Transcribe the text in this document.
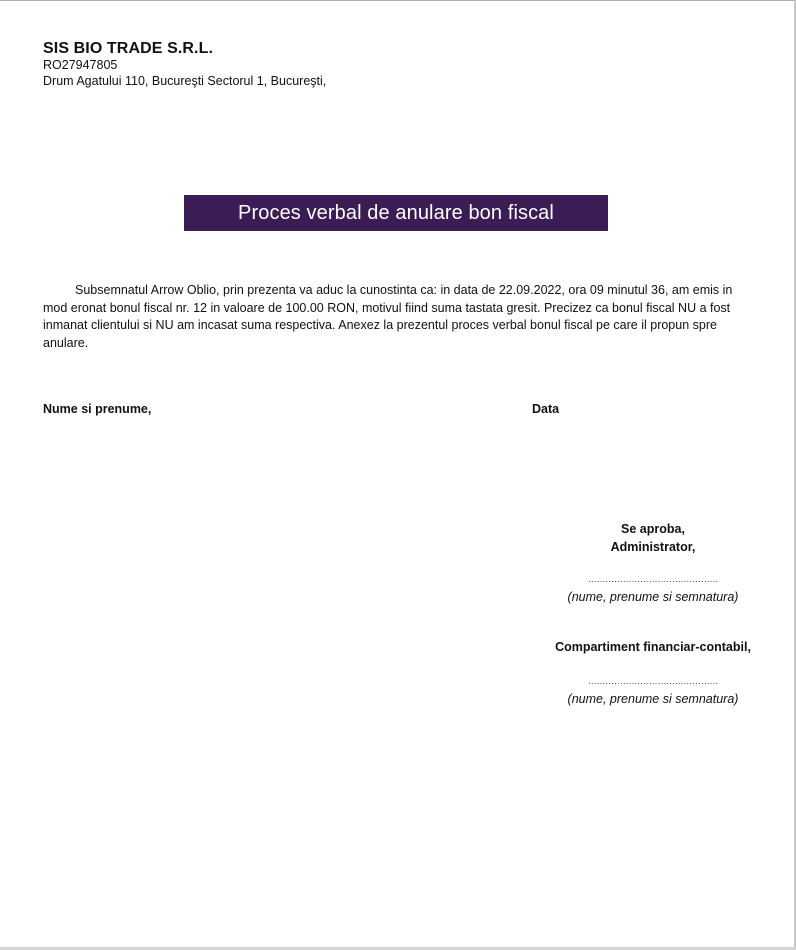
SIS BIO TRADE S.R.L.
RO27947805
Drum Agatului 110, Bucureşti Sectorul 1, Bucureşti,
Proces verbal de anulare bon fiscal

Subsemnatul Arrow Oblio, prin prezenta va aduc la cunostinta ca: in data de 22.09.2022, ora 09 minutul 36, am emis in mod eronat bonul fiscal nr. 12 in valoare de 100.00 RON, motivul fiind suma tastata gresit. Precizez ca bonul fiscal NU a fost inmanat clientului si NU am incasat suma respectiva. Anexez la prezentul proces verbal bonul fiscal pe care il propun spre anulare.

Nume si prenume,	Data
Se aproba,
Administrator,
………………………………………
(nume, prenume si semnatura)
Compartiment financiar-contabil,
………………………………………
(nume, prenume si semnatura)
